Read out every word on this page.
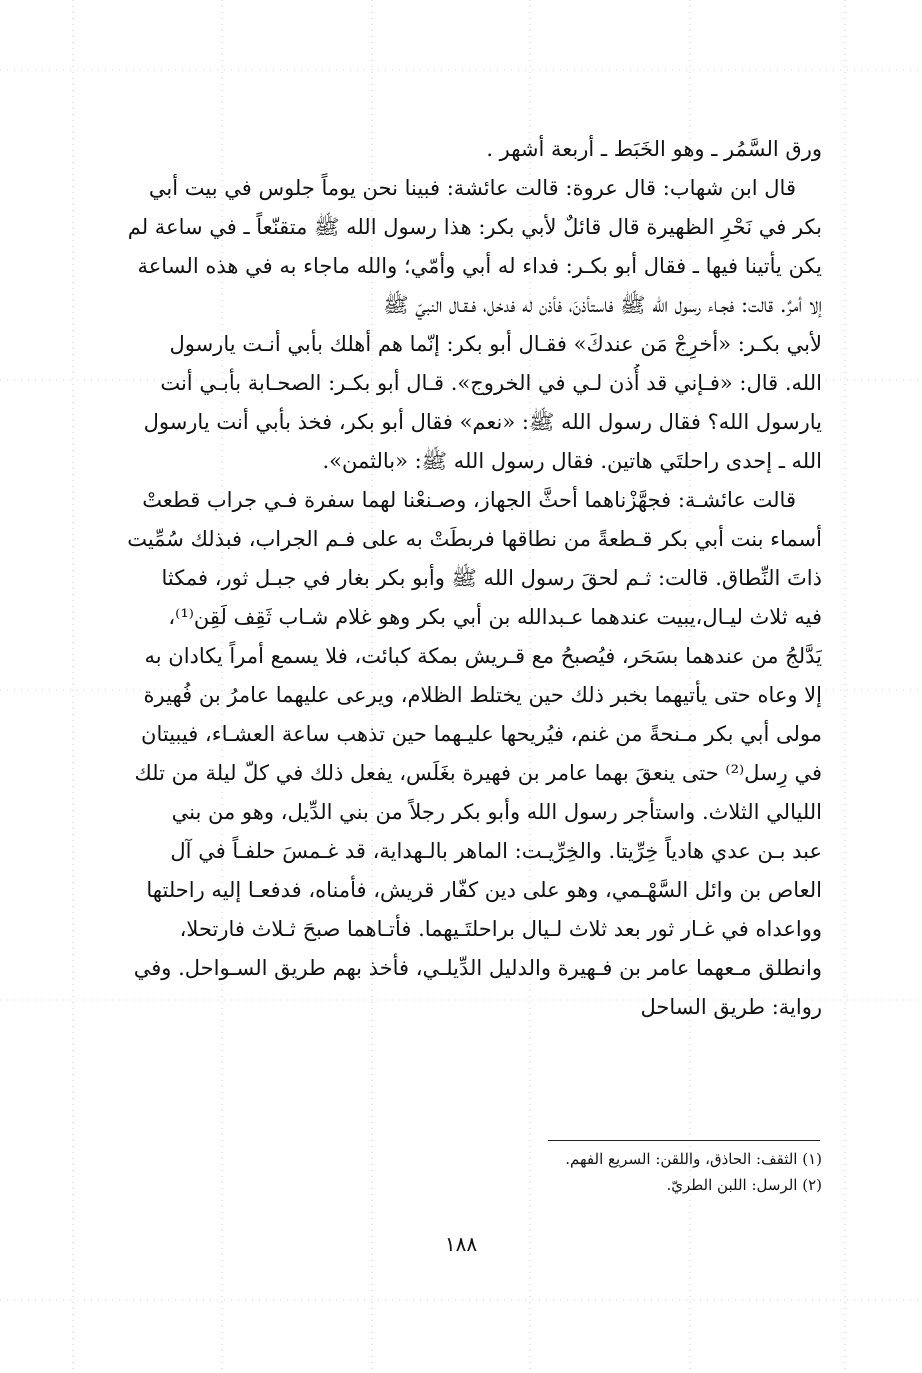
ورق السَّمُر ـ وهو الخَبَط ـ أربعة أشهر .
قال ابن شهاب: قال عروة: قالت عائشة: فبينا نحن يوماً جلوس في بيت أبي
بكر في نَحْرِ الظهيرة قال قائلٌ لأبي بكر: هذا رسول الله ﷺ متقنّعاً ـ في ساعة لم
يكن يأتينا فيها ـ فقال أبو بكـر: فداء له أبي وأمّي؛ والله ماجاء به في هذه الساعة
إلا أمرٌ. قالت: فجـاء رسول الله ﷺ فاستأذنَ، فأذن له فدخل، فـقـال النبيّ ﷺ
لأبي بكـر: «أخرِجْ مَن عندكَ» فقـال أبو بكر: إنّما هم أهلك بأبي أنـت يارسول
الله. قال: «فـإني قد أُذن لـي في الخروج». قـال أبو بكـر: الصحـابة بأبـي أنت
يارسول الله؟ فقال رسول الله ﷺ: «نعم» فقال أبو بكر، فخذ بأبي أنت يارسول
الله ـ إحدى راحلتَي هاتين. فقال رسول الله ﷺ: «بالثمن».
قالت عائشـة: فجهَّزْناهما أحثَّ الجهاز، وصـنعْنا لهما سفرة فـي جراب قطعتْ
أسماء بنت أبي بكر قـطعةً من نطاقها فربطَتْ به على فـم الجراب، فبذلك سُمِّيت
ذاتَ النِّطاق. قالت: ثـم لحقَ رسول الله ﷺ وأبو بكر بغار في جبـل ثور، فمكثا
فيه ثلاث ليـال،يبيت عندهما عـبدالله بن أبي بكر وهو غلام شـاب ثَقِف لَقِن⁽¹⁾،
يَدَّلجُ من عندهما بسَحَر، فيُصبحُ مع قـريش بمكة كبائت، فلا يسمع أمراً يكادان به
إلا وعاه حتى يأتيهما بخبر ذلك حين يختلط الظلام، ويرعى عليهما عامرُ بن فُهيرة
مولى أبي بكر مـنحةً من غنم، فيُريحها عليـهما حين تذهب ساعة العشـاء، فيبيتان
في رِسل⁽²⁾ حتى ينعقَ بهما عامر بن فهيرة بغَلَس، يفعل ذلك في كلّ ليلة من تلك
الليالي الثلاث. واستأجر رسول الله وأبو بكر رجلاً من بني الدِّيل، وهو من بني
عبد بـن عدي هادياً خِرِّيتا. والخِرِّيـت: الماهر بالـهداية، قد غـمسَ حلفـاً في آل
العاص بن وائل السَّهْـمي، وهو على دين كفّار قريش، فأمناه، فدفعـا إليه راحلتها
وواعداه في غـار ثور بعد ثلاث لـيال براحلتَـيهما. فأتـاهما صبحَ ثـلاث فارتحلا،
وانطلق مـعهما عامر بن فـهيرة والدليل الدِّيلـي، فأخذ بهم طريق السـواحل. وفي
رواية: طريق الساحل
(١) الثقف: الحاذق، واللقن: السريع الفهم.
(٢) الرسل: اللبن الطريّ.
١٨٨
